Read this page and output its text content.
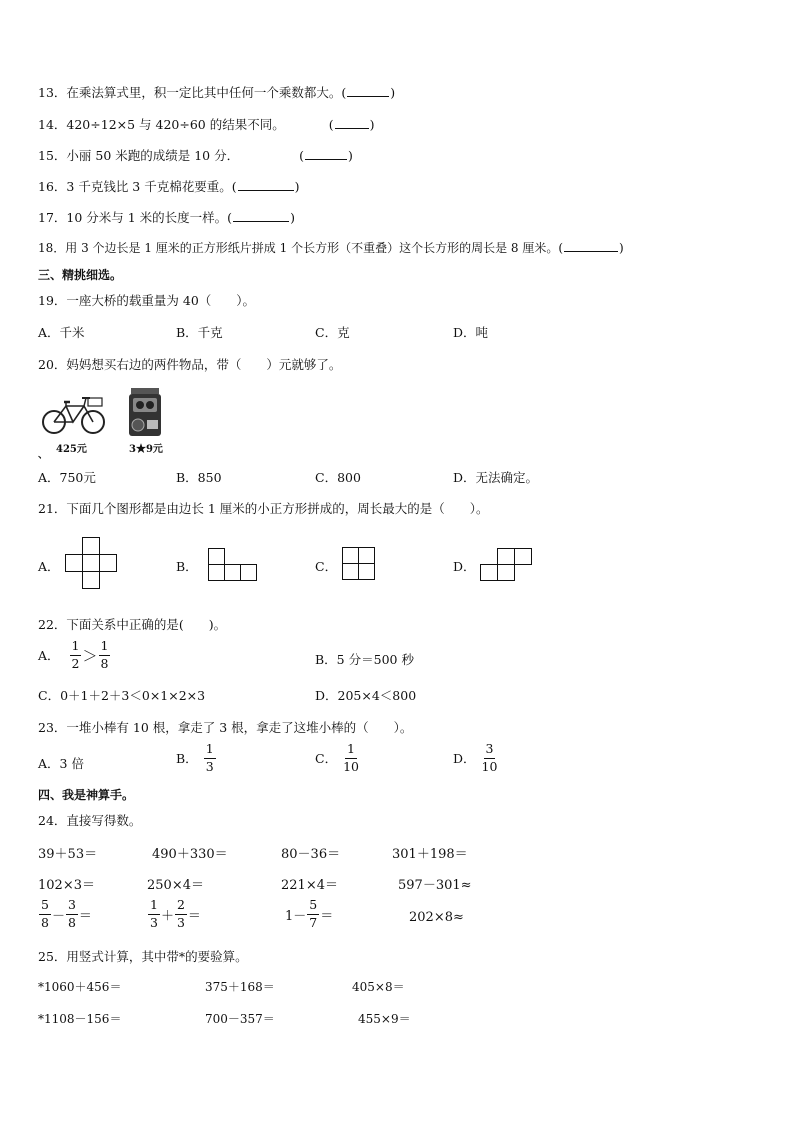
13．在乘法算式里，积一定比其中任何一个乘数都大。(	)
14．420÷12×5 与 420÷60 的结果不同。	(	)
15．小丽 50 米跑的成绩是 10 分．	(	)
16．3 千克钱比 3 千克棉花要重。(	)
17．10 分米与 1 米的长度一样。(	)
18．用 3 个边长是 1 厘米的正方形纸片拼成 1 个长方形（不重叠）这个长方形的周长是 8 厘米。(	)
三、精挑细选。
19．一座大桥的载重量为 40（　　）。
A．千米	B．千克	C．克	D．吨
20．妈妈想买右边的两件物品，带（　　）元就够了。
425元
、
3★9元
A．750元	B．850	C．800	D．无法确定。
21．下面几个图形都是由边长 1 厘米的小正方形拼成的，周长最大的是（　　）。
A．	B．	C．	D．
22．下面关系中正确的是(　　)。
A． $\frac{1}{2} > \frac{1}{8}$	B．5 分＝500 秒
C．0＋1＋2＋3＜0×1×2×3	D．205×4＜800
23．一堆小棒有 10 根，拿走了 3 根，拿走了这堆小棒的（　　）。
A．3 倍	B． $\frac{1}{3}$	C． $\frac{1}{10}$	D． $\frac{3}{10}$
四、我是神算手。
24．直接写得数。
39＋53＝	490＋330＝	80－36＝	301＋198＝
102×3＝	250×4＝	221×4＝	597－301≈
$\frac{5}{8} - \frac{3}{8}$ ＝	$\frac{1}{3} + \frac{2}{3}$ ＝	$1- \frac{5}{7}$ ＝	202×8≈
25．用竖式计算，其中带*的要验算。
*1060＋456＝	375＋168＝	405×8＝
*1108－156＝	700－357＝	455×9＝
